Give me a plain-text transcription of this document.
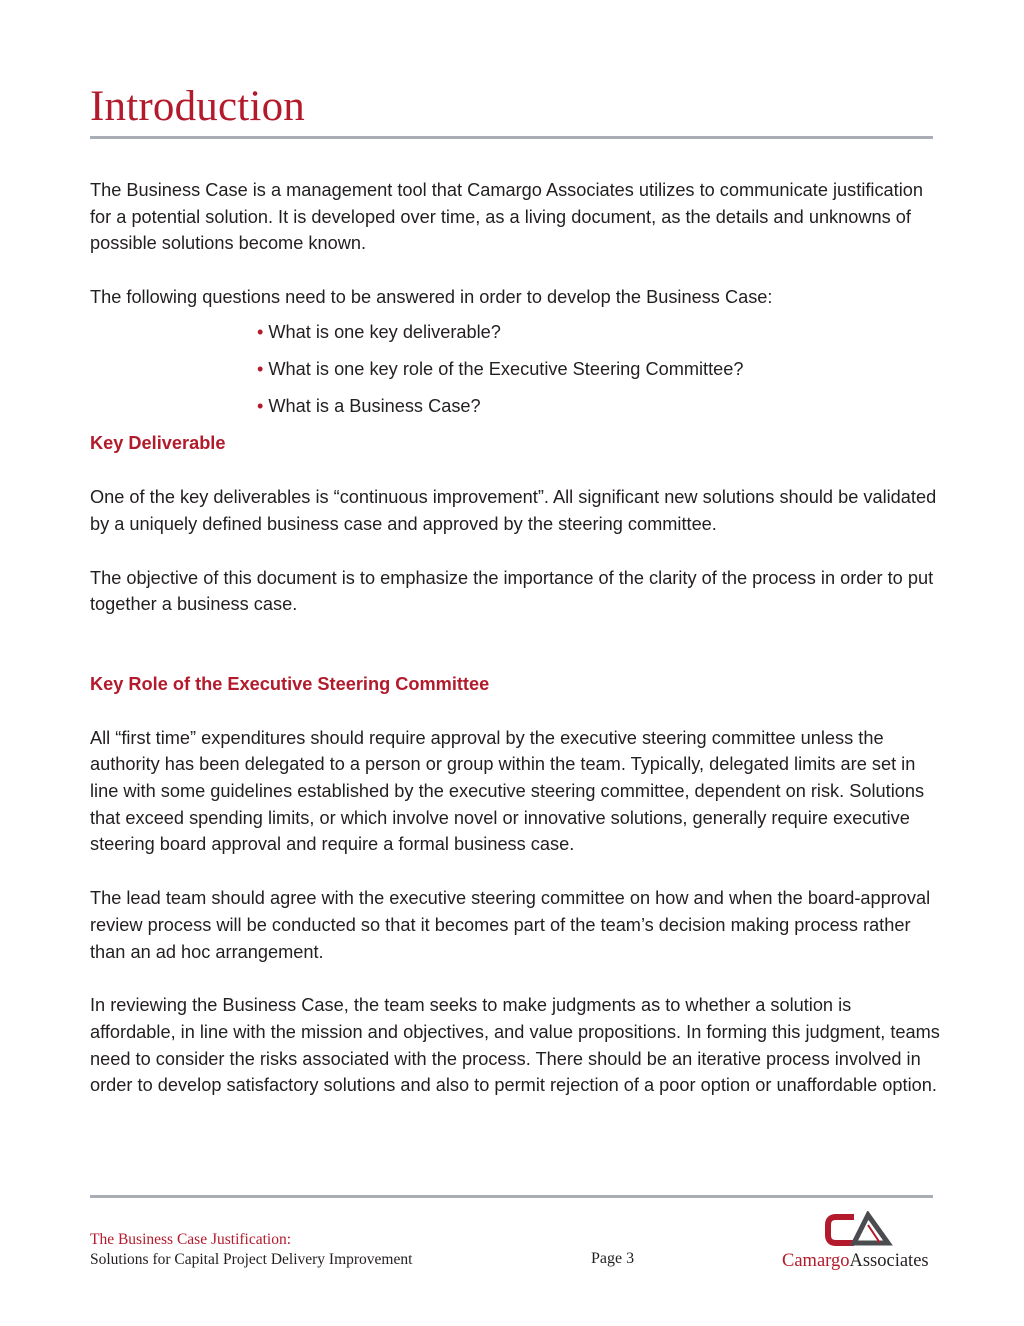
Introduction

The Business Case is a management tool that Camargo Associates utilizes to communicate justification for a potential solution. It is developed over time, as a living document, as the details and unknowns of possible solutions become known.

The following questions need to be answered in order to develop the Business Case:

• What is one key deliverable?
• What is one key role of the Executive Steering Committee?
• What is a Business Case?
Key Deliverable

One of the key deliverables is “continuous improvement”. All significant new solutions should be validated by a uniquely defined business case and approved by the steering committee.

The objective of this document is to emphasize the importance of the clarity of the process in order to put together a business case.

Key Role of the Executive Steering Committee

All “first time” expenditures should require approval by the executive steering committee unless the authority has been delegated to a person or group within the team. Typically, delegated limits are set in line with some guidelines established by the executive steering committee, dependent on risk. Solutions that exceed spending limits, or which involve novel or innovative solutions, generally require executive steering board approval and require a formal business case.

The lead team should agree with the executive steering committee on how and when the board-approval review process will be conducted so that it becomes part of the team’s decision making process rather than an ad hoc arrangement.

In reviewing the Business Case, the team seeks to make judgments as to whether a solution is affordable, in line with the mission and objectives, and value propositions. In forming this judgment, teams need to consider the risks associated with the process. There should be an iterative process involved in order to develop satisfactory solutions and also to permit rejection of a poor option or unaffordable option.

The Business Case Justification:
Solutions for Capital Project Delivery Improvement	Page 3	CamargoAssociates
